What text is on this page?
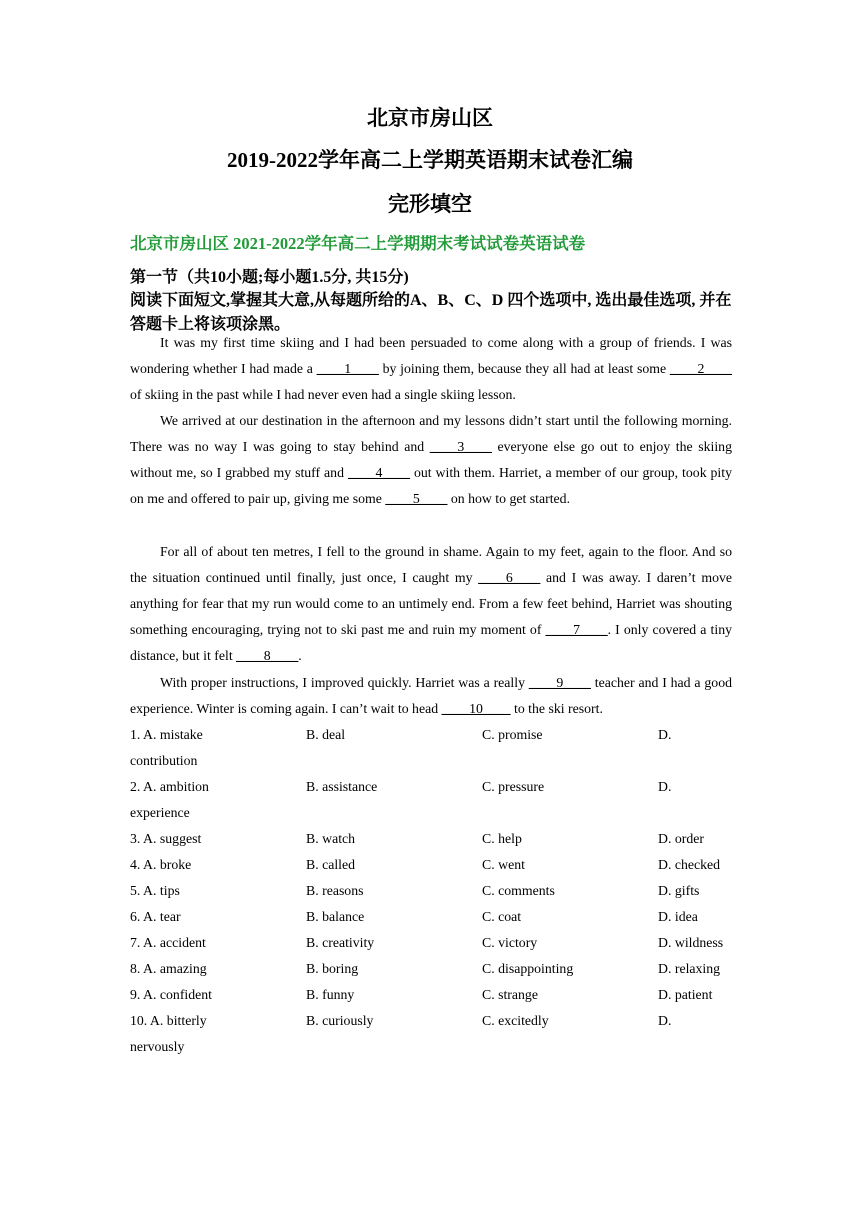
北京市房山区
2019-2022学年高二上学期英语期末试卷汇编
完形填空
北京市房山区 2021-2022学年高二上学期期末考试试卷英语试卷
第一节（共10小题;每小题1.5分, 共15分)
阅读下面短文,掌握其大意,从每题所给的A、B、C、D 四个选项中, 选出最佳选项, 并在答题卡上将该项涂黑。

It was my first time skiing and I had been persuaded to come along with a group of friends. I was wondering whether I had made a ____1____ by joining them, because they all had at least some ____2____ of skiing in the past while I had never even had a single skiing lesson.

We arrived at our destination in the afternoon and my lessons didn’t start until the following morning. There was no way I was going to stay behind and ____3____ everyone else go out to enjoy the skiing without me, so I grabbed my stuff and ____4____ out with them. Harriet, a member of our group, took pity on me and offered to pair up, giving me some ____5____ on how to get started.

For all of about ten metres, I fell to the ground in shame. Again to my feet, again to the floor. And so the situation continued until finally, just once, I caught my ____6____ and I was away. I daren’t move anything for fear that my run would come to an untimely end. From a few feet behind, Harriet was shouting something encouraging, trying not to ski past me and ruin my moment of ____7____. I only covered a tiny distance, but it felt ____8____.

With proper instructions, I improved quickly. Harriet was a really ____9____ teacher and I had a good experience. Winter is coming again. I can’t wait to head ____10____ to the ski resort.

1. A. mistake	B. deal	C. promise	D.
contribution
2. A. ambition	B. assistance	C. pressure	D.
experience
3. A. suggest	B. watch	C. help	D. order
4. A. broke	B. called	C. went	D. checked
5. A. tips	B. reasons	C. comments	D. gifts
6. A. tear	B. balance	C. coat	D. idea
7. A. accident	B. creativity	C. victory	D. wildness
8. A. amazing	B. boring	C. disappointing	D. relaxing
9. A. confident	B. funny	C. strange	D. patient
10. A. bitterly	B. curiously	C. excitedly	D.
nervously
